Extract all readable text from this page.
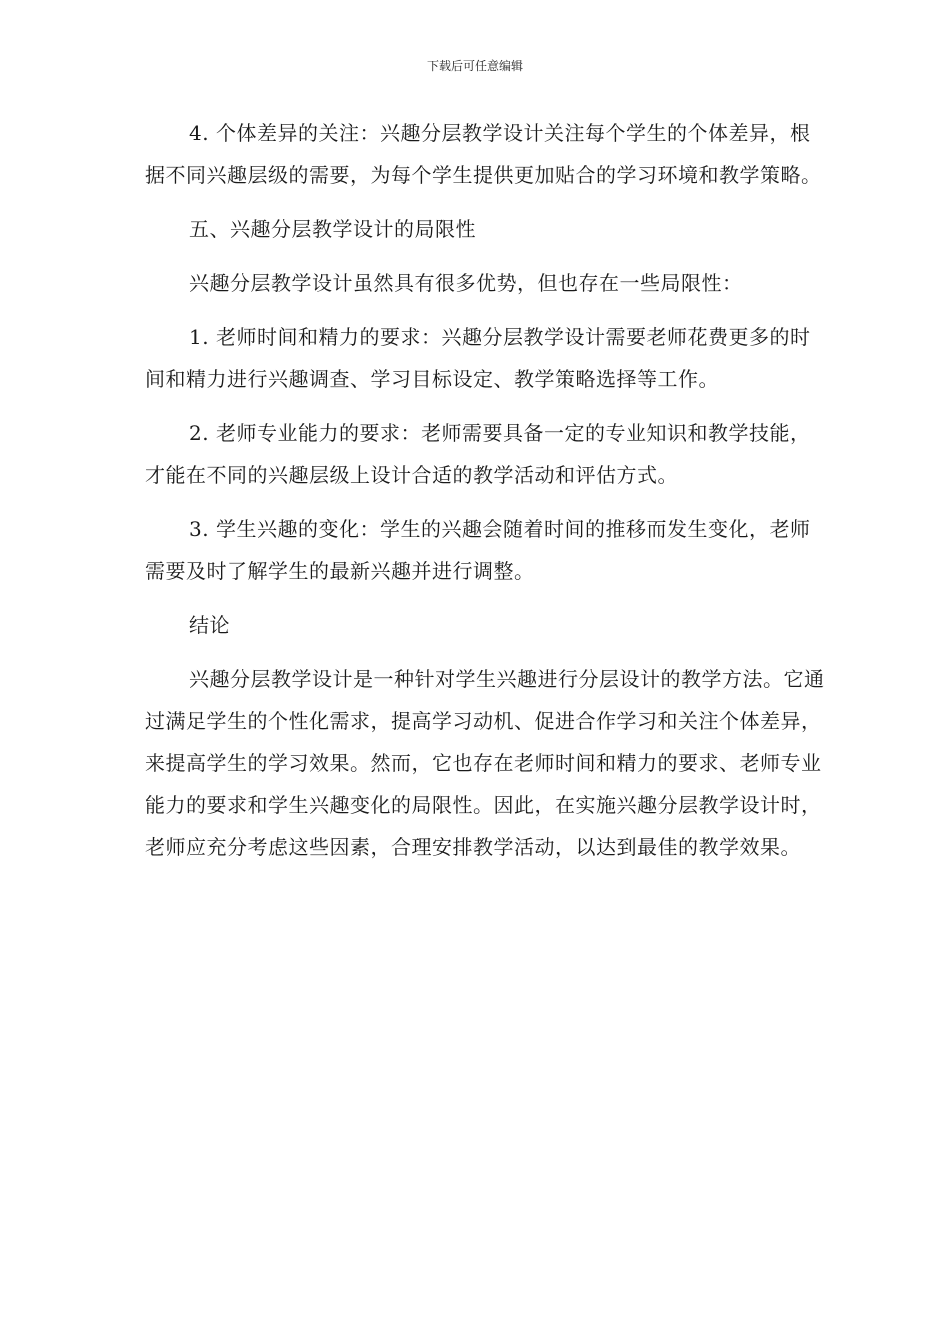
下载后可任意编辑

4. 个体差异的关注：兴趣分层教学设计关注每个学生的个体差异，根据不同兴趣层级的需要，为每个学生提供更加贴合的学习环境和教学策略。

五、兴趣分层教学设计的局限性

兴趣分层教学设计虽然具有很多优势，但也存在一些局限性：

1. 老师时间和精力的要求：兴趣分层教学设计需要老师花费更多的时间和精力进行兴趣调查、学习目标设定、教学策略选择等工作。

2. 老师专业能力的要求：老师需要具备一定的专业知识和教学技能，才能在不同的兴趣层级上设计合适的教学活动和评估方式。

3. 学生兴趣的变化：学生的兴趣会随着时间的推移而发生变化，老师需要及时了解学生的最新兴趣并进行调整。

结论

兴趣分层教学设计是一种针对学生兴趣进行分层设计的教学方法。它通过满足学生的个性化需求，提高学习动机、促进合作学习和关注个体差异，来提高学生的学习效果。然而，它也存在老师时间和精力的要求、老师专业能力的要求和学生兴趣变化的局限性。因此，在实施兴趣分层教学设计时，老师应充分考虑这些因素，合理安排教学活动，以达到最佳的教学效果。
